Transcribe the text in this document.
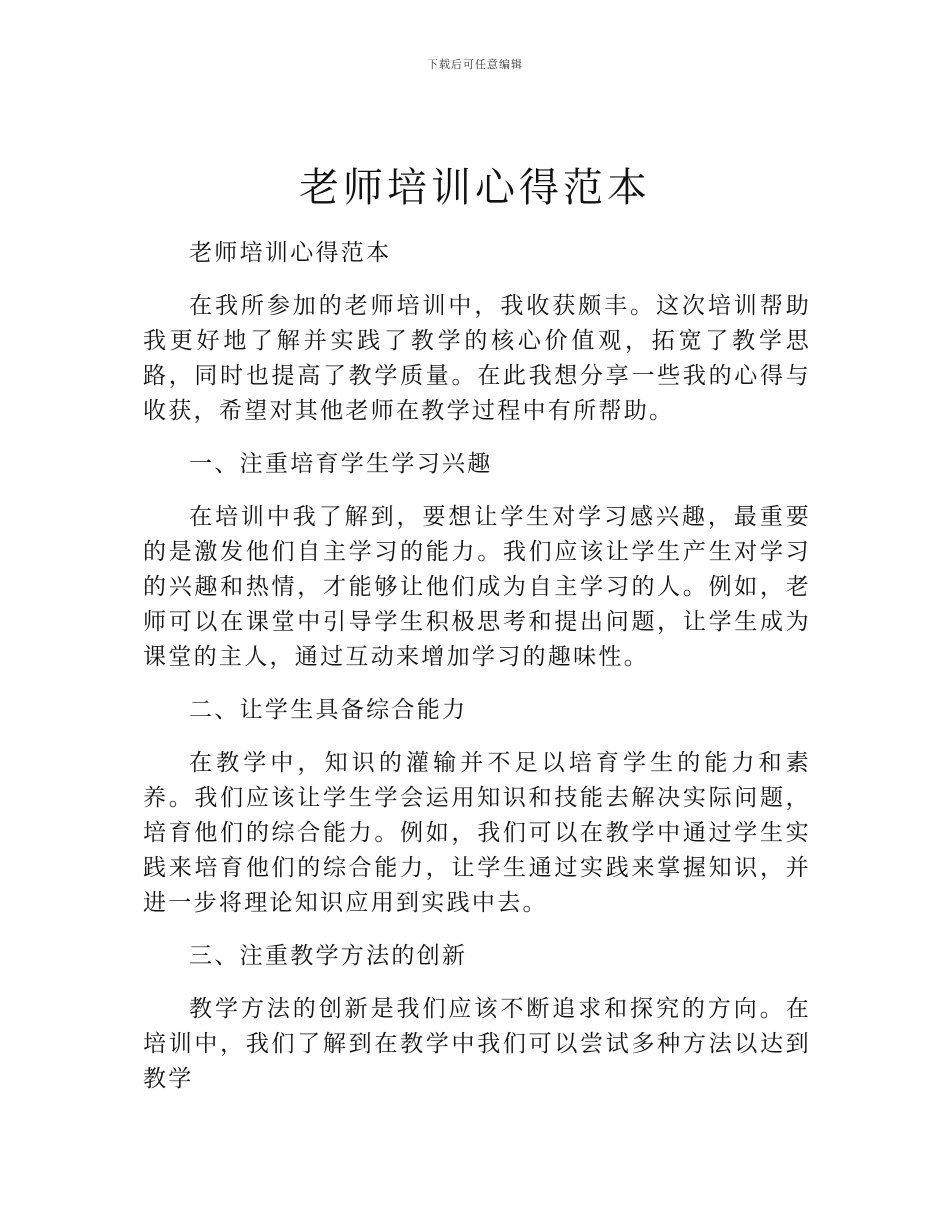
下载后可任意编辑
老师培训心得范本

老师培训心得范本

在我所参加的老师培训中，我收获颇丰。这次培训帮助我更好地了解并实践了教学的核心价值观，拓宽了教学思路，同时也提高了教学质量。在此我想分享一些我的心得与收获，希望对其他老师在教学过程中有所帮助。

一、注重培育学生学习兴趣

在培训中我了解到，要想让学生对学习感兴趣，最重要的是激发他们自主学习的能力。我们应该让学生产生对学习的兴趣和热情，才能够让他们成为自主学习的人。例如，老师可以在课堂中引导学生积极思考和提出问题，让学生成为课堂的主人，通过互动来增加学习的趣味性。

二、让学生具备综合能力

在教学中，知识的灌输并不足以培育学生的能力和素养。我们应该让学生学会运用知识和技能去解决实际问题，培育他们的综合能力。例如，我们可以在教学中通过学生实践来培育他们的综合能力，让学生通过实践来掌握知识，并进一步将理论知识应用到实践中去。

三、注重教学方法的创新

教学方法的创新是我们应该不断追求和探究的方向。在培训中，我们了解到在教学中我们可以尝试多种方法以达到教学
